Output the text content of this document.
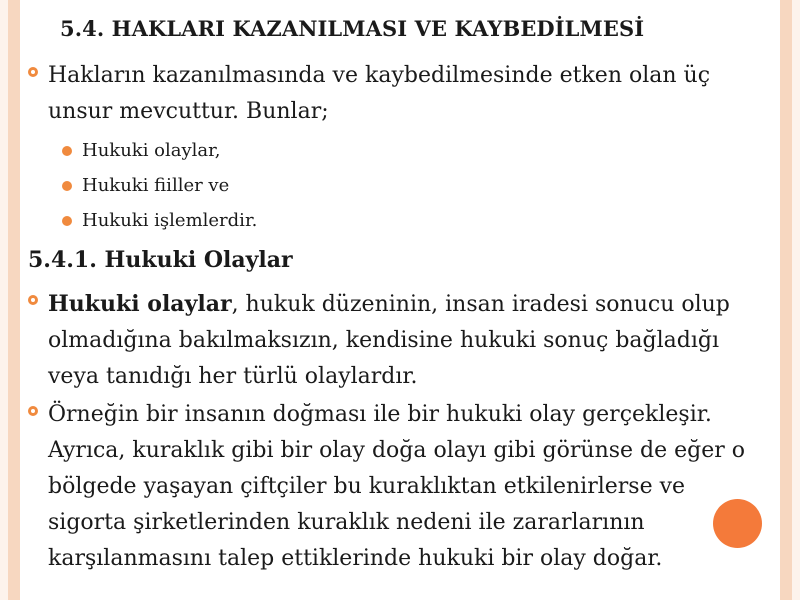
5.4. HAKLARI KAZANILMASI VE KAYBEDİLMESİ
Hakların kazanılmasında ve kaybedilmesinde etken olan üç unsur mevcuttur. Bunlar;
Hukuki olaylar,
Hukuki fiiller ve
Hukuki işlemlerdir.
5.4.1. Hukuki Olaylar
Hukuki olaylar, hukuk düzeninin, insan iradesi sonucu olup olmadığına bakılmaksızın, kendisine hukuki sonuç bağladığı veya tanıdığı her türlü olaylardır.
Örneğin bir insanın doğması ile bir hukuki olay gerçekleşir. Ayrıca, kuraklık gibi bir olay doğa olayı gibi görünse de eğer o bölgede yaşayan çiftçiler bu kuraklıktan etkilenirlerse ve sigorta şirketlerinden kuraklık nedeni ile zararlarının karşılanmasını talep ettiklerinde hukuki bir olay doğar.
